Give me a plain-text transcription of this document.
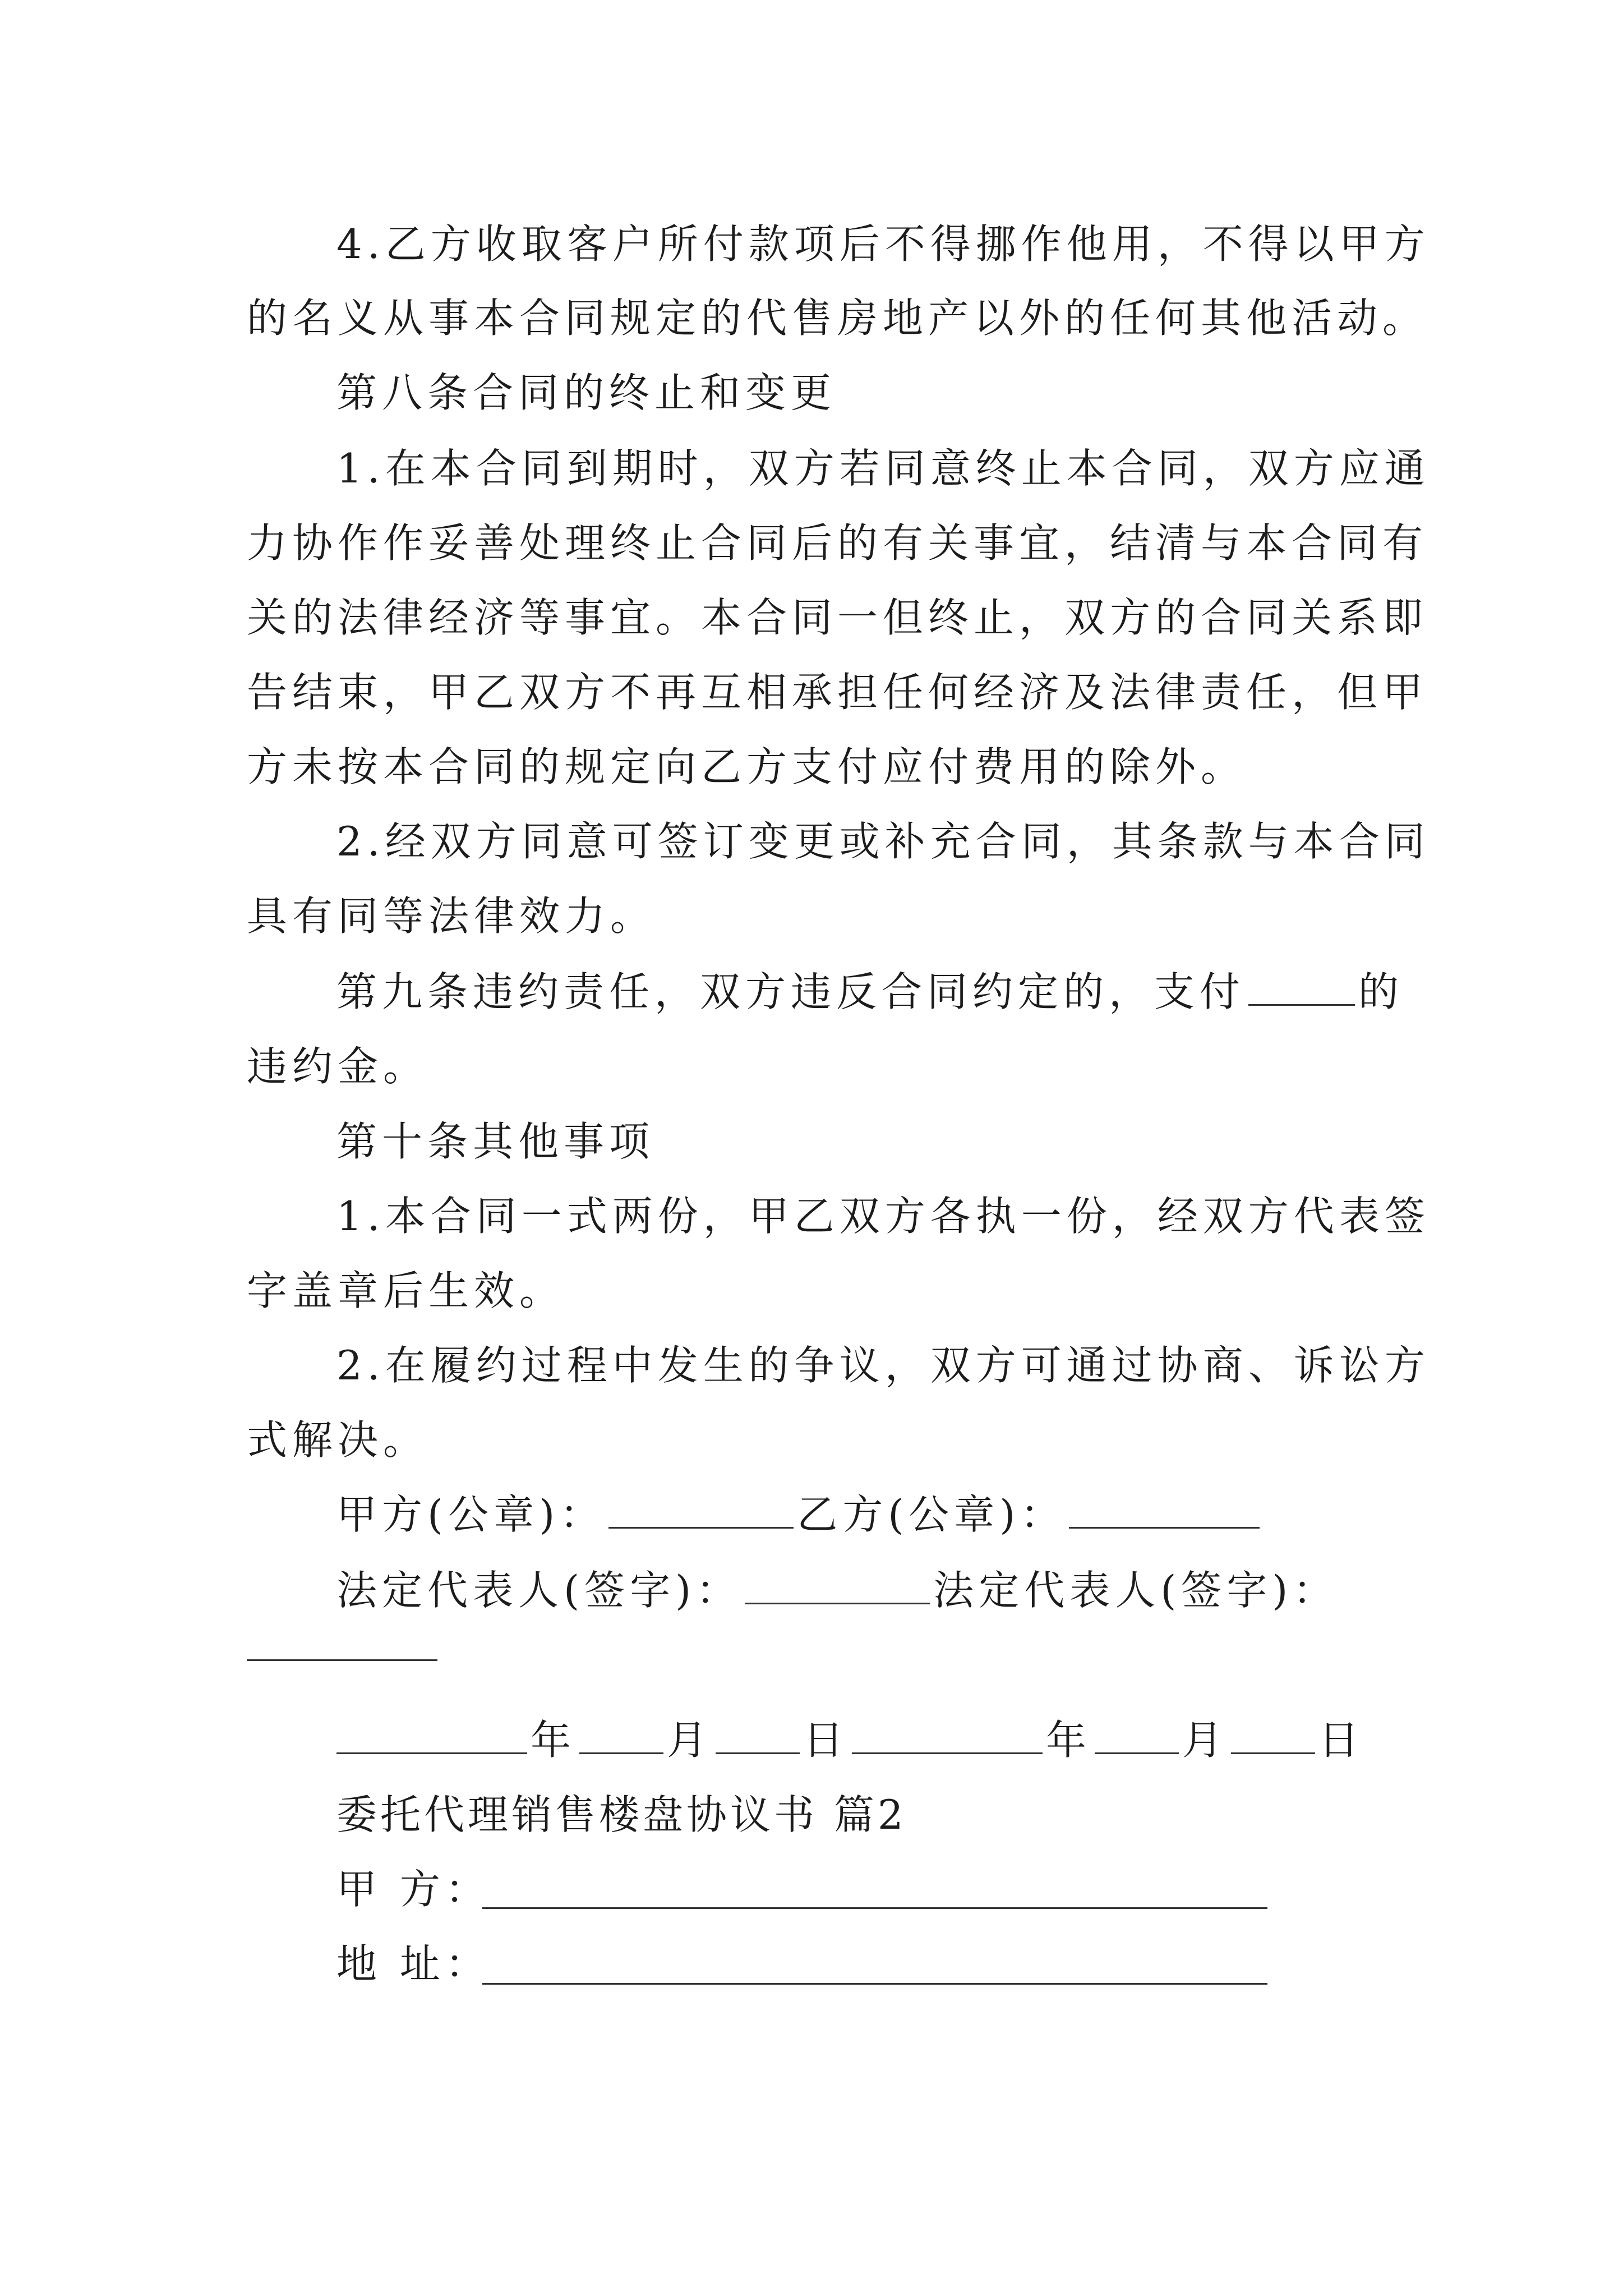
4.乙方收取客户所付款项后不得挪作他用，不得以甲方
的名义从事本合同规定的代售房地产以外的任何其他活动。
第八条合同的终止和变更
1.在本合同到期时，双方若同意终止本合同，双方应通
力协作作妥善处理终止合同后的有关事宜，结清与本合同有
关的法律经济等事宜。本合同一但终止，双方的合同关系即
告结束，甲乙双方不再互相承担任何经济及法律责任，但甲
方未按本合同的规定向乙方支付应付费用的除外。
2.经双方同意可签订变更或补充合同，其条款与本合同
具有同等法律效力。
第九条违约责任，双方违反合同约定的，支付	的
违约金。
第十条其他事项
1.本合同一式两份，甲乙双方各执一份，经双方代表签
字盖章后生效。
2.在履约过程中发生的争议，双方可通过协商、诉讼方
式解决。
甲方(公章)：	乙方(公章)：
法定代表人(签字)：	法定代表人(签字)：
年 月 日	年 月 日
委托代理销售楼盘协议书 篇2
甲 方：
地 址：
